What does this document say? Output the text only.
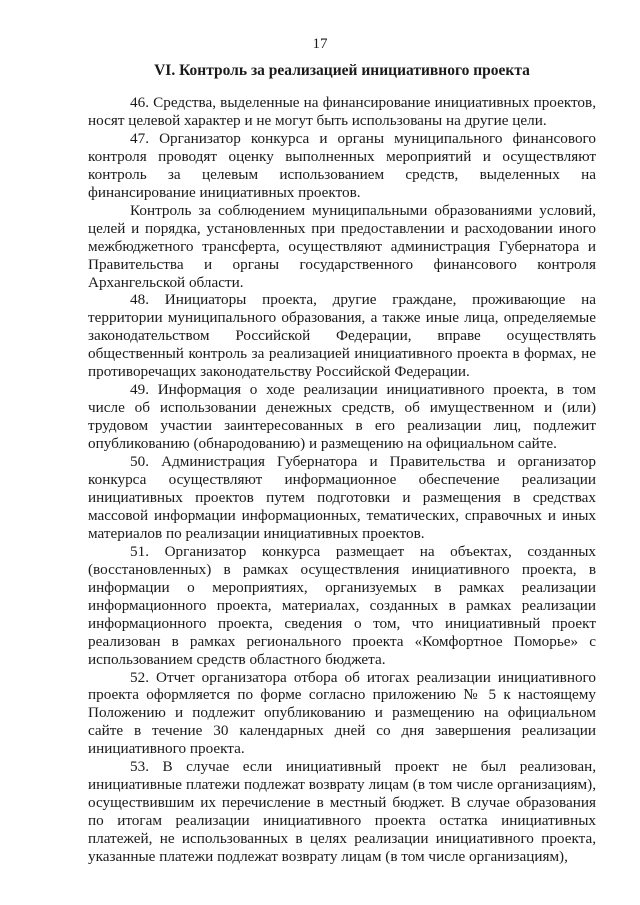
17
VI. Контроль за реализацией инициативного проекта

46. Средства, выделенные на финансирование инициативных проектов, носят целевой характер и не могут быть использованы на другие цели.

47. Организатор конкурса и органы муниципального финансового контроля проводят оценку выполненных мероприятий и осуществляют контроль за целевым использованием средств, выделенных на финансирование инициативных проектов.

Контроль за соблюдением муниципальными образованиями условий, целей и порядка, установленных при предоставлении и расходовании иного межбюджетного трансферта, осуществляют администрация Губернатора и Правительства и органы государственного финансового контроля Архангельской области.

48. Инициаторы проекта, другие граждане, проживающие на территории муниципального образования, а также иные лица, определяемые законодательством Российской Федерации, вправе осуществлять общественный контроль за реализацией инициативного проекта в формах, не противоречащих законодательству Российской Федерации.

49. Информация о ходе реализации инициативного проекта, в том числе об использовании денежных средств, об имущественном и (или) трудовом участии заинтересованных в его реализации лиц, подлежит опубликованию (обнародованию) и размещению на официальном сайте.

50. Администрация Губернатора и Правительства и организатор конкурса осуществляют информационное обеспечение реализации инициативных проектов путем подготовки и размещения в средствах массовой информации информационных, тематических, справочных и иных материалов по реализации инициативных проектов.

51. Организатор конкурса размещает на объектах, созданных (восстановленных) в рамках осуществления инициативного проекта, в информации о мероприятиях, организуемых в рамках реализации информационного проекта, материалах, созданных в рамках реализации информационного проекта, сведения о том, что инициативный проект реализован в рамках регионального проекта «Комфортное Поморье» с использованием средств областного бюджета.

52. Отчет организатора отбора об итогах реализации инициативного проекта оформляется по форме согласно приложению № 5 к настоящему Положению и подлежит опубликованию и размещению на официальном сайте в течение 30 календарных дней со дня завершения реализации инициативного проекта.

53. В случае если инициативный проект не был реализован, инициативные платежи подлежат возврату лицам (в том числе организациям), осуществившим их перечисление в местный бюджет. В случае образования по итогам реализации инициативного проекта остатка инициативных платежей, не использованных в целях реализации инициативного проекта, указанные платежи подлежат возврату лицам (в том числе организациям),
